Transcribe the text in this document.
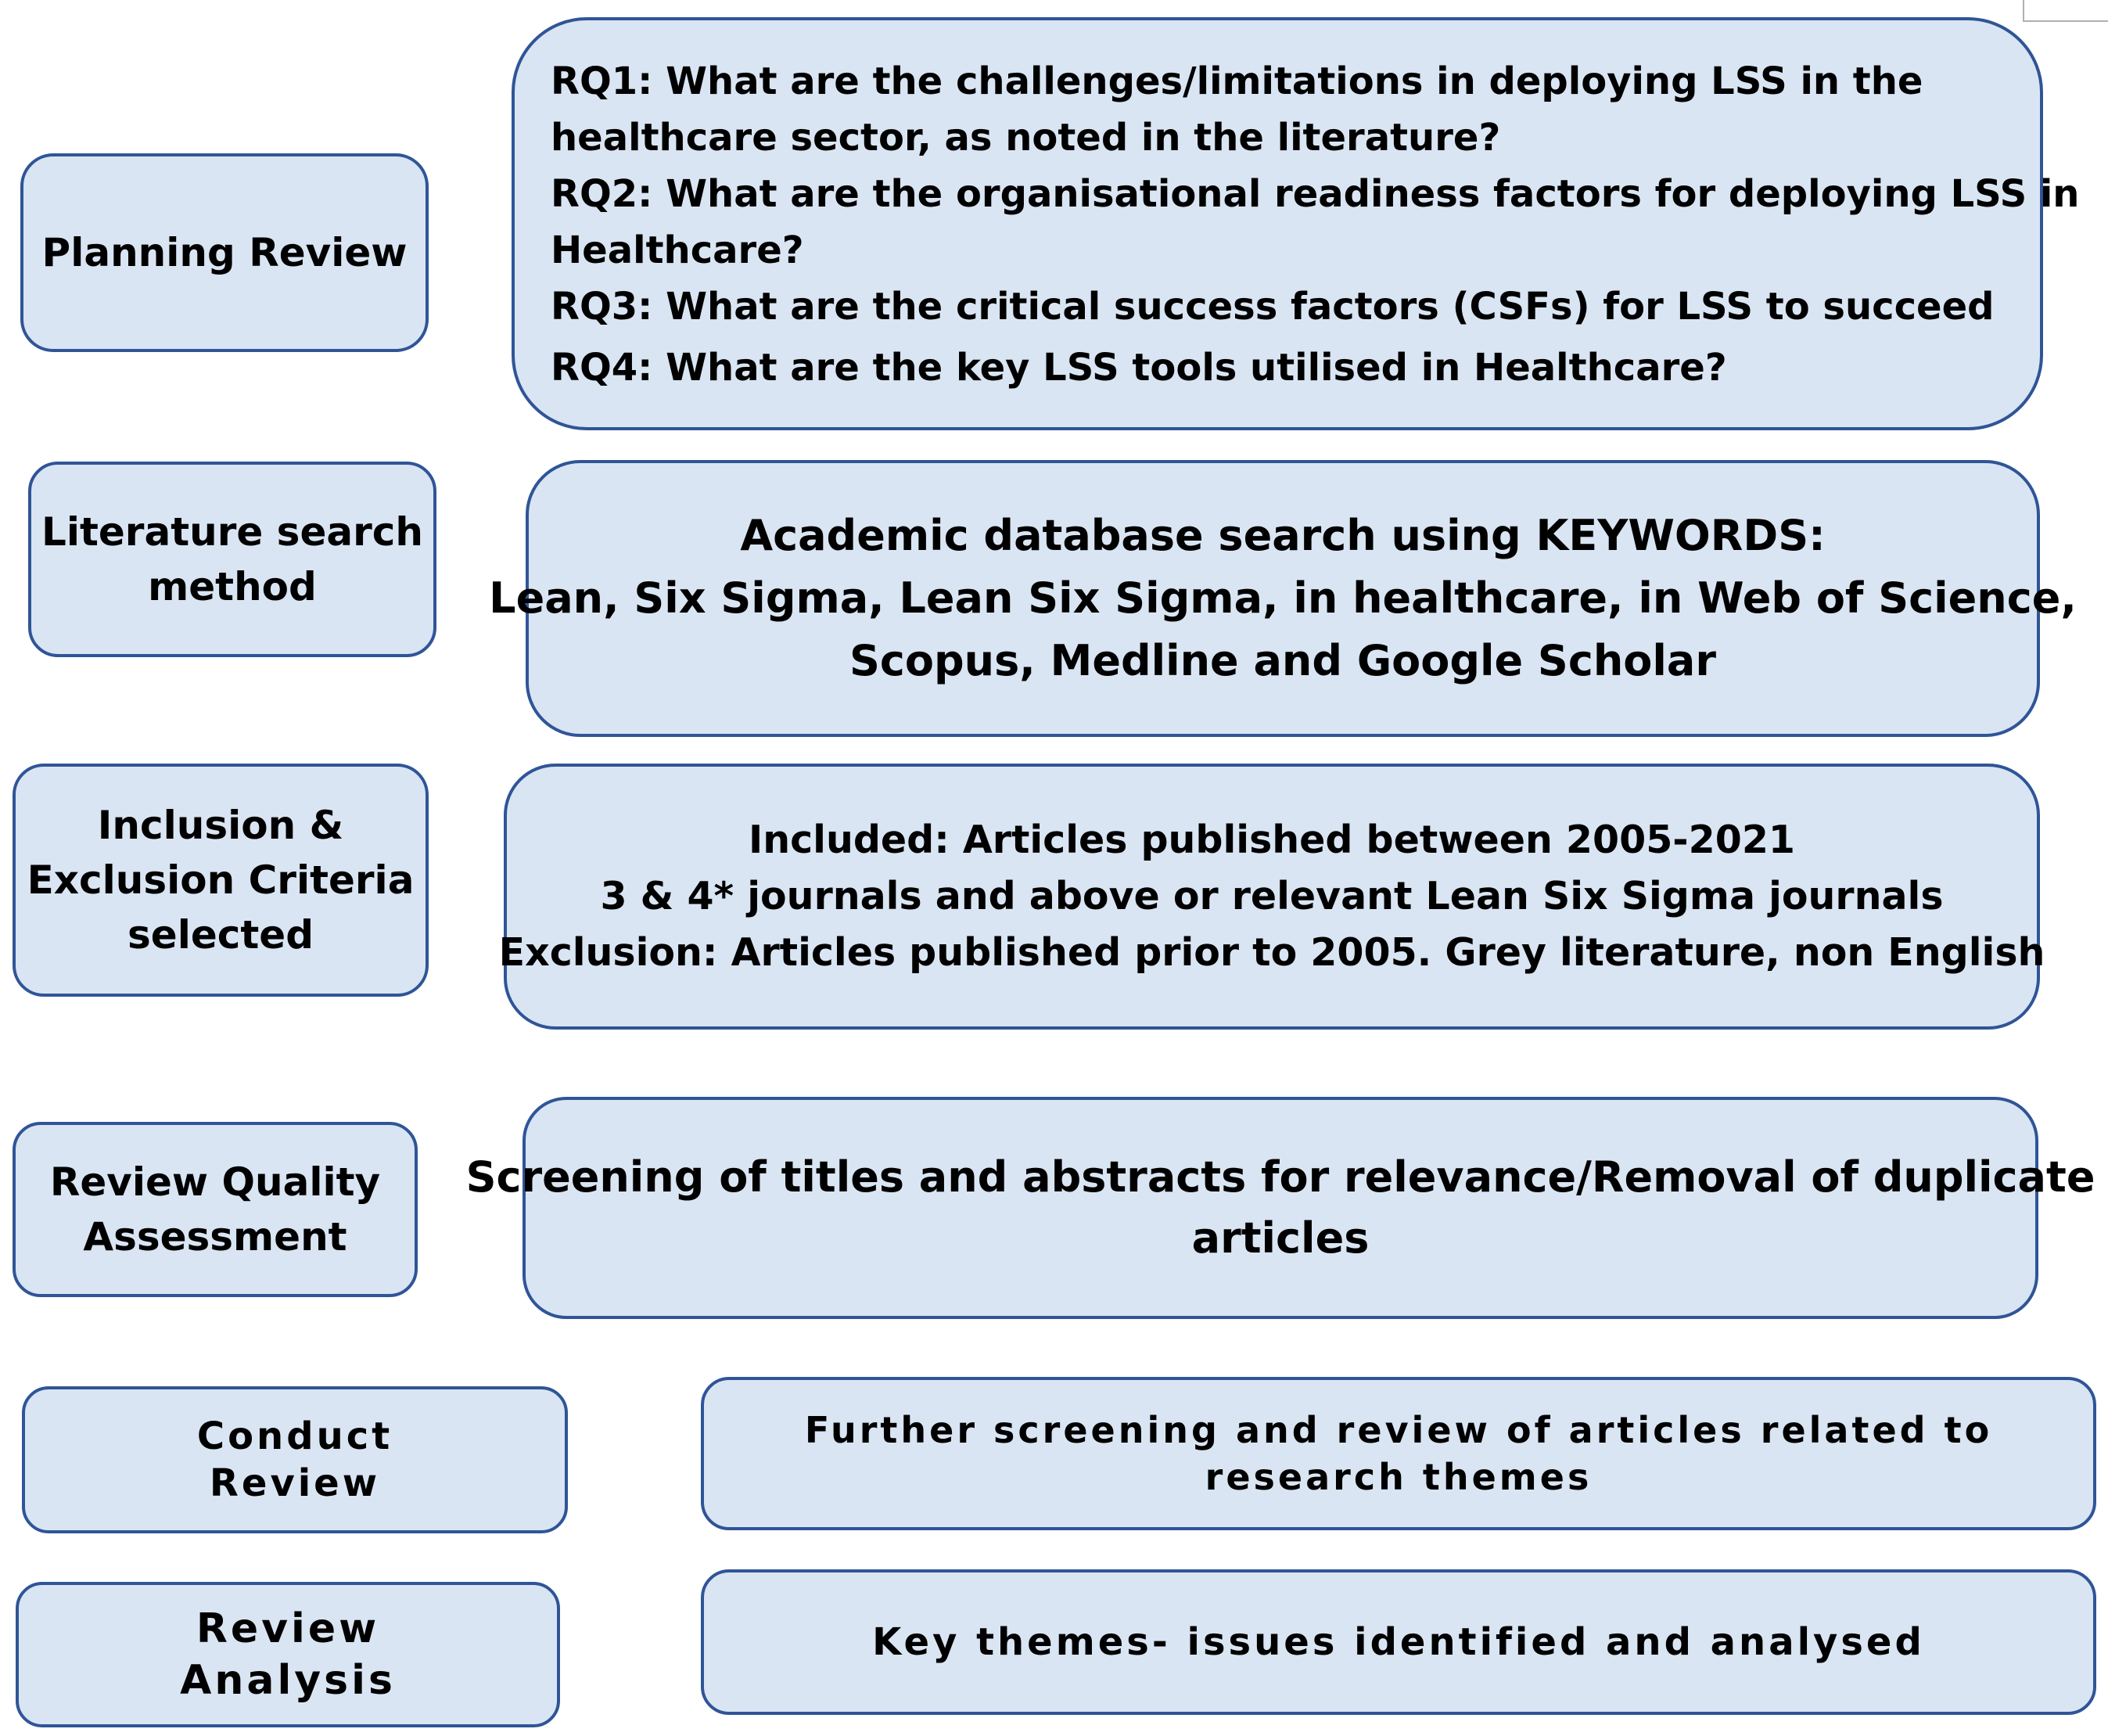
Planning Review
RQ1: What are the challenges/limitations in deploying LSS in the
healthcare sector, as noted in the literature?
RQ2: What are the organisational readiness factors for deploying LSS in
Healthcare?
RQ3: What are the critical success factors (CSFs) for LSS to succeed
RQ4: What are the key LSS tools utilised in Healthcare?
Literature search
method
Academic database search using KEYWORDS:
Lean, Six Sigma, Lean Six Sigma, in healthcare, in Web of Science,
Scopus, Medline and Google Scholar
Inclusion &
Exclusion Criteria
selected
Included: Articles published between 2005-2021
3 & 4* journals and above or relevant Lean Six Sigma journals
Exclusion: Articles published prior to 2005. Grey literature, non English
Review Quality
Assessment
Screening of titles and abstracts for relevance/Removal of duplicate
articles
Conduct
Review
Further screening and review of articles related to
research themes
Review
Analysis
Key themes- issues identified and analysed
